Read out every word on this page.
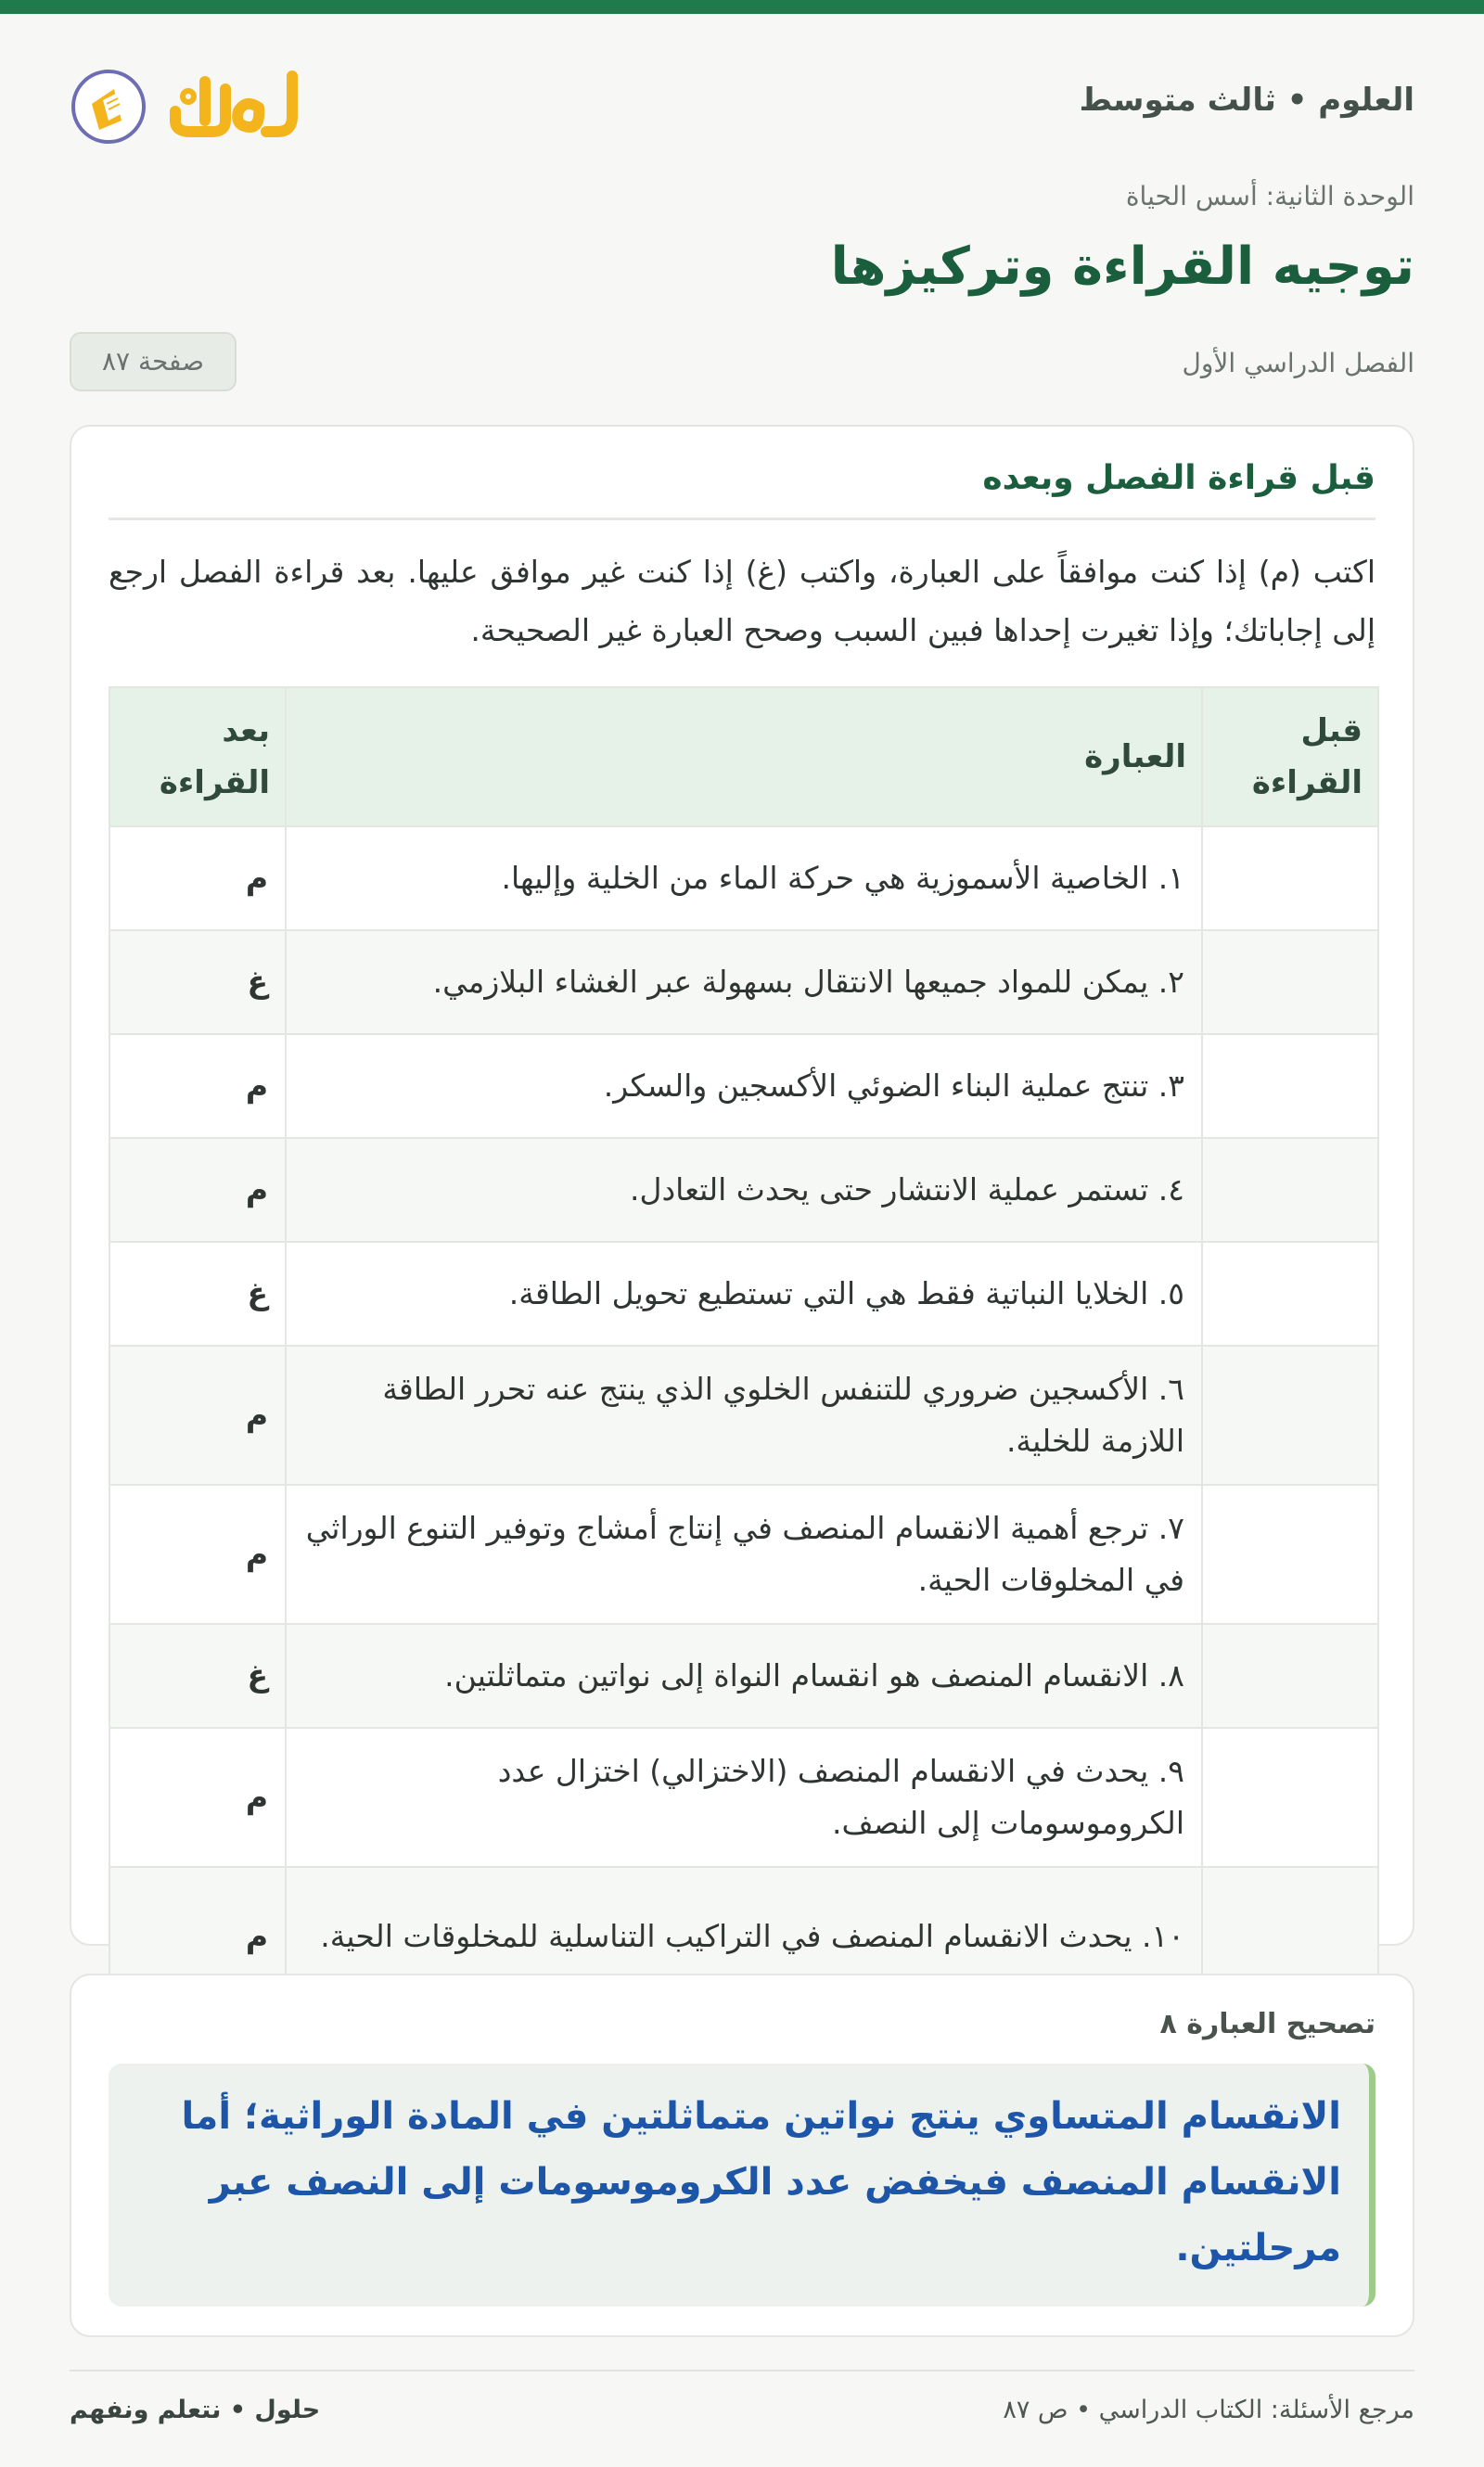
العلوم • ثالث متوسط
الوحدة الثانية: أسس الحياة
توجيه القراءة وتركيزها
الفصل الدراسي الأول
صفحة ٨٧
قبل قراءة الفصل وبعده

اكتب (م) إذا كنت موافقاً على العبارة، واكتب (غ) إذا كنت غير موافق عليها. بعد قراءة الفصل ارجع إلى إجاباتك؛ وإذا تغيرت إحداها فبين السبب وصحح العبارة غير الصحيحة.

قبل القراءة	العبارة	بعد القراءة
	١. الخاصية الأسموزية هي حركة الماء من الخلية وإليها.	م
	٢. يمكن للمواد جميعها الانتقال بسهولة عبر الغشاء البلازمي.	غ
	٣. تنتج عملية البناء الضوئي الأكسجين والسكر.	م
	٤. تستمر عملية الانتشار حتى يحدث التعادل.	م
	٥. الخلايا النباتية فقط هي التي تستطيع تحويل الطاقة.	غ
	٦. الأكسجين ضروري للتنفس الخلوي الذي ينتج عنه تحرر الطاقة اللازمة للخلية.	م
	٧. ترجع أهمية الانقسام المنصف في إنتاج أمشاج وتوفير التنوع الوراثي في المخلوقات الحية.	م
	٨. الانقسام المنصف هو انقسام النواة إلى نواتين متماثلتين.	غ
	٩. يحدث في الانقسام المنصف (الاختزالي) اختزال عدد الكروموسومات إلى النصف.	م
	١٠. يحدث الانقسام المنصف في التراكيب التناسلية للمخلوقات الحية.	م
تصحيح العبارة ٨
الانقسام المتساوي ينتج نواتين متماثلتين في المادة الوراثية؛ أما الانقسام المنصف فيخفض عدد الكروموسومات إلى النصف عبر مرحلتين.
مرجع الأسئلة: الكتاب الدراسي • ص ٨٧
حلول • نتعلم ونفهم
